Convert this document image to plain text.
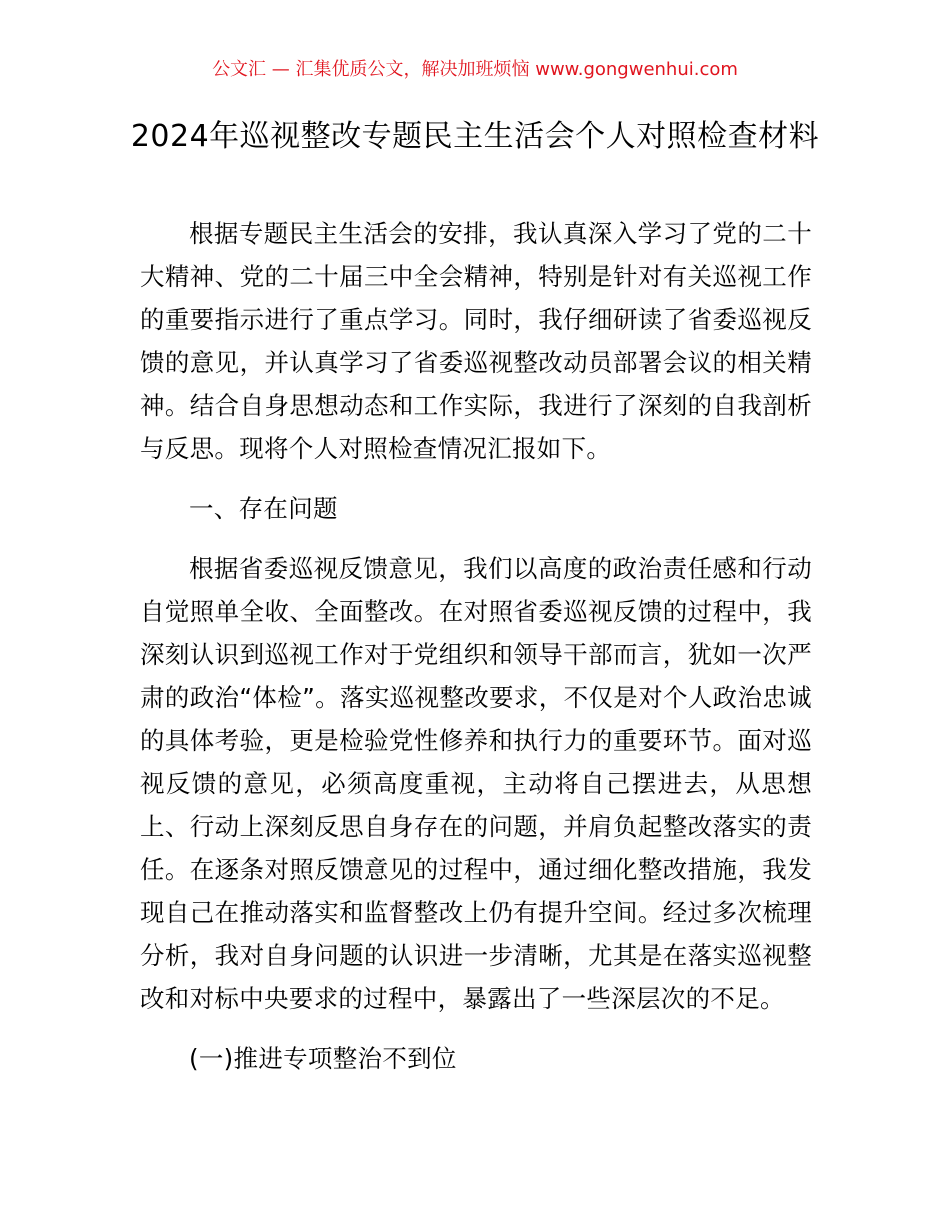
公文汇 — 汇集优质公文，解决加班烦恼 www.gongwenhui.com
2024年巡视整改专题民主生活会个人对照检查材料

根据专题民主生活会的安排，我认真深入学习了党的二十大精神、党的二十届三中全会精神，特别是针对有关巡视工作的重要指示进行了重点学习。同时，我仔细研读了省委巡视反馈的意见，并认真学习了省委巡视整改动员部署会议的相关精神。结合自身思想动态和工作实际，我进行了深刻的自我剖析与反思。现将个人对照检查情况汇报如下。

一、存在问题

根据省委巡视反馈意见，我们以高度的政治责任感和行动自觉照单全收、全面整改。在对照省委巡视反馈的过程中，我深刻认识到巡视工作对于党组织和领导干部而言，犹如一次严肃的政治“体检”。落实巡视整改要求，不仅是对个人政治忠诚的具体考验，更是检验党性修养和执行力的重要环节。面对巡视反馈的意见，必须高度重视，主动将自己摆进去，从思想上、行动上深刻反思自身存在的问题，并肩负起整改落实的责任。在逐条对照反馈意见的过程中，通过细化整改措施，我发现自己在推动落实和监督整改上仍有提升空间。经过多次梳理分析，我对自身问题的认识进一步清晰，尤其是在落实巡视整改和对标中央要求的过程中，暴露出了一些深层次的不足。

(一)推进专项整治不到位
